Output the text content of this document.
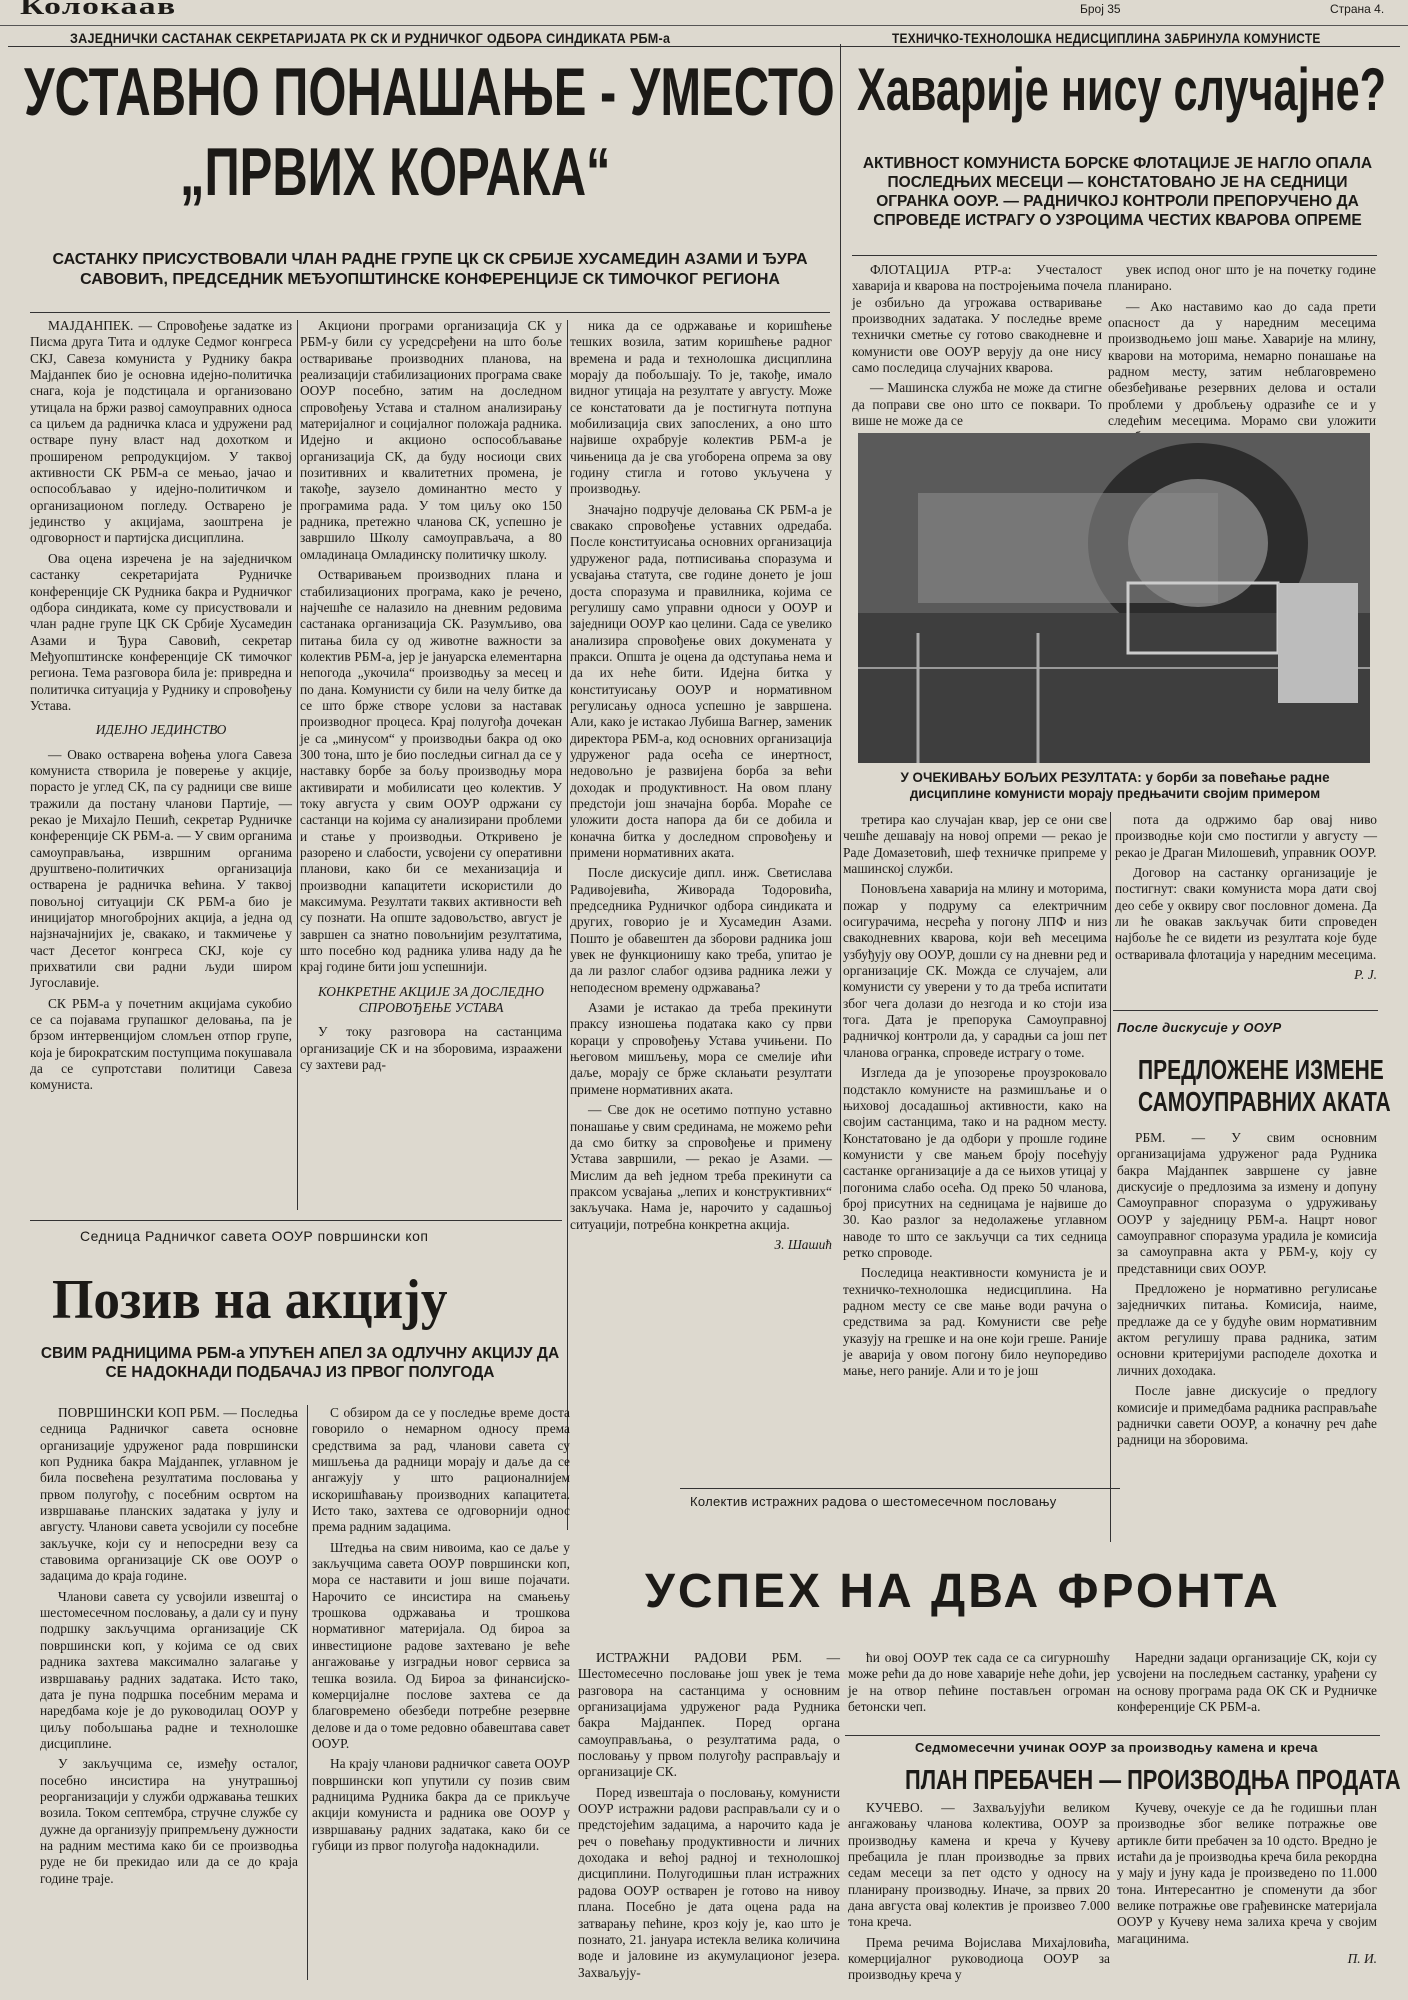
Колокаав	Број 35	Страна 4.
ЗАЈЕДНИЧКИ САСТАНАК СЕКРЕТАРИЈАТА РК СК И РУДНИЧКОГ ОДБОРА СИНДИКАТА РБМ-а	ТЕХНИЧКО-ТЕХНОЛОШКА НЕДИСЦИПЛИНА ЗАБРИНУЛА КОМУНИСТЕ
УСТАВНО ПОНАШАЊЕ - УМЕСТО
„ПРВИХ КОРАКА“
САСТАНКУ ПРИСУСТВОВАЛИ ЧЛАН РАДНЕ ГРУПЕ ЦК СК СРБИЈЕ ХУСАМЕДИН АЗАМИ И ЂУРА САВОВИЋ, ПРЕДСЕДНИК МЕЂУОПШТИНСКЕ КОНФЕРЕНЦИЈЕ СК ТИМОЧКОГ РЕГИОНА

МАЈДАНПЕК. — Спровођење задатке из Писма друга Тита и одлуке Седмог конгреса СКЈ, Савеза комуниста у Руднику бакра Мајданпек био је основна идејно-политичка снага, која је подстицала и организовано утицала на бржи развој самоуправних односа са циљем да радничка класа и удружени рад остваре пуну власт над дохотком и проширеном репродукцијом. У таквој активности СК РБМ-а се мењао, јачао и оспособљавао у идејно-политичком и организационом погледу. Остварено је јединство у акцијама, заоштрена је одговорност и партијска дисциплина.

Ова оцена изречена је на заједничком састанку секретаријата Рудничке конференције СК Рудника бакра и Рудничког одбора синдиката, коме су присуствовали и члан радне групе ЦК СК Србије Хусамедин Азами и Ђура Савовић, секретар Међуопштинске конференције СК тимочког региона. Тема разговора била је: привредна и политичка ситуација у Руднику и спровођењу Устава.

ИДЕЈНО ЈЕДИНСТВО

— Овако остварена вођења улога Савеза комуниста створила је поверење у акције, порасто је углед СК, па су радници све више тражили да постану чланови Партије, — рекао је Михајло Пешић, секретар Рудничке конференције СК РБМ-а. — У свим органима самоуправљања, извршним органима друштвено-политичких организација остварена је радничка већина. У таквој повољној ситуацији СК РБМ-а био је иницијатор многобројних акција, а једна од најзначајнијих је, свакако, и такмичење у част Десетог конгреса СКЈ, које су прихватили сви радни људи широм Југославије.

СК РБМ-а у почетним акцијама сукобио се са појавама групашког деловања, па је брзом интервенцијом сломљен отпор групе, која је бирократским поступцима покушавала да се супротстави политици Савеза комуниста.

Акциони програми организација СК у РБМ-у били су усредсређени на што боље остваривање производних планова, на реализацији стабилизационих програма сваке ООУР посебно, затим на доследном спровођењу Устава и сталном анализирању материјалног и социјалног положаја радника. Идејно и акционо оспособљавање организација СК, да буду носиоци свих позитивних и квалитетних промена, је такође, заузело доминантно место у програмима рада. У том циљу око 150 радника, претежно чланова СК, успешно је завршило Школу самоуправљача, а 80 омладинаца Омладинску политичку школу.

Остваривањем производних плана и стабилизационих програма, како је речено, најчешће се налазило на дневним редовима састанака организација СК. Разумљиво, ова питања била су од животне важности за колектив РБМ-а, јер је јануарска елементарна непогода „укочила“ производњу за месец и по дана. Комунисти су били на челу битке да се што брже створе услови за наставак производног процеса. Крај полугођа дочекан је са „минусом“ у производњи бакра од око 300 тона, што је био последњи сигнал да се у наставку борбе за бољу производњу мора активирати и мобилисати цео колектив. У току августа у свим ООУР одржани су састанци на којима су анализирани проблеми и стање у производњи. Откривено је разорено и слабости, усвојени су оперативни планови, како би се механизација и производни капацитети искористили до максимума. Резултати таквих активности већ су познати. На опште задовољство, август је завршен са знатно повољнијим резултатима, што посебно код радника улива наду да ће крај године бити још успешнији.

КОНКРЕТНЕ АКЦИЈЕ ЗА ДОСЛЕДНО СПРОВОЂЕЊЕ УСТАВА

У току разговора на састанцима организације СК и на зборовима, израажени су захтеви рад-

ника да се одржавање и коришћење тешких возила, затим коришћење радног времена и рада и технолошка дисциплина морају да побољшају. То је, такође, имало видног утицаја на резултате у августу. Може се констатовати да је постигнута потпуна мобилизација свих запослених, а оно што највише охрабрује колектив РБМ-а је чињеница да је сва угоборена опрема за ову годину стигла и готово укључена у производњу.

Значајно подручје деловања СК РБМ-а је свакако спровођење уставних одредаба. После конституисања основних организација удруженог рада, потписивања споразума и усвајања статута, све године донето је још доста споразума и правилника, којима се регулишу само управни односи у ООУР и заједници ООУР као целини. Сада се увелико анализира спровођење ових докумената у пракси. Општа је оцена да одступања нема и да их неће бити. Идејна битка у конституисању ООУР и нормативном регулисању односа успешно је завршена. Али, како је истакао Лубиша Вагнер, заменик директора РБМ-а, код основних организација удруженог рада осећа се инертност, недовољно је развијена борба за већи доходак и продуктивност. На овом плану предстоји још значајна борба. Мораће се уложити доста напора да би се добила и коначна битка у доследном спровођењу и примени нормативних аката.

После дискусије дипл. инж. Светислава Радивојевића, Живорада Тодоровића, председника Рудничког одбора синдиката и других, говорио је и Хусамедин Азами. Пошто је обавештен да зборови радника још увек не функционишу како треба, упитао је да ли разлог слабог одзива радника лежи у неподесном времену одржавања?

Азами је истакао да треба прекинути праксу изношења података како су први кораци у спровођењу Устава учињени. По његовом мишљењу, мора се смелије ићи даље, морају се брже склањати резултати примене нормативних аката.

— Све док не осетимо потпуно уставно понашање у свим срединама, не можемо рећи да смо битку за спровођење и примену Устава завршили, — рекао је Азами. — Мислим да већ једном треба прекинути са праксом усвајања „лепих и конструктивних“ закључака. Нама је, нарочито у садашњој ситуацији, потребна конкретна акција.

З. Шашић

Хаварије нису случајне?
АКТИВНОСТ КОМУНИСТА БОРСКЕ ФЛОТАЦИЈЕ ЈЕ НАГЛО ОПАЛА ПОСЛЕДЊИХ МЕСЕЦИ — КОНСТАТОВАНО ЈЕ НА СЕДНИЦИ ОГРАНКА ООУР. — РАДНИЧКОЈ КОНТРОЛИ ПРЕПОРУЧЕНО ДА СПРОВЕДЕ ИСТРАГУ О УЗРОЦИМА ЧЕСТИХ КВАРОВА ОПРЕМЕ

ФЛОТАЦИЈА РТР-а: Учесталост хаварија и кварова на постројењима почела је озбиљно да угрожава остваривање производних задатака. У последње време технички сметње су готово свакодневне и комунисти ове ООУР верују да оне нису само последица случајних кварова.

— Машинска служба не може да стигне да поправи све оно што се поквари. То више не може да се

увек испод оног што је на почетку године планирано.

— Ако наставимо као до сада прети опасност да у наредним месецима производњемо још мање. Хаварије на млину, кварови на моторима, немарно понашање на радном месту, затим неблаговремено обезбеђивање резервних делова и остали проблеми у дробљењу одразиће се и у следећим месецима. Морамо сви уложити

У ОЧЕКИВАЊУ БОЉИХ РЕЗУЛТАТА: у борби за повећање радне дисциплине комунисти морају предњачити својим примером

третира као случајан квар, јер се они све чешће дешавају на новој опреми — рекао је Раде Домазетовић, шеф техничке припреме у машинској служби.

Поновљена хаварија на млину и моторима, пожар у подруму са електричним осигурачима, несрећа у погону ЛПФ и низ свакодневних кварова, који већ месецима узбуђују ову ООУР, дошли су на дневни ред и организације СК. Можда се случајем, али комунисти су уверени у то да треба испитати због чега долази до незгода и ко стоји иза тога. Дата је препорука Самоуправној радничкој контроли да, у сарадњи са још пет чланова огранка, спроведе истрагу о томе.

Изгледа да је упозорење проузроковало подстакло комунисте на размишљање и о њиховој досадашњој активности, како на својим састанцима, тако и на радном месту. Констатовано је да одбори у прошле године комунисти у све мањем броју посећују састанке организације а да се њихов утицај у погонима слабо осећа. Од преко 50 чланова, број присутних на седницама је највише до 30. Као разлог за недолажење углавном наводе то што се закључци са тих седница ретко спроводе.

Последица неактивности комуниста је и техничко-технолошка недисциплина. На радном месту се све мање води рачуна о средствима за рад. Комунисти све ређе указују на грешке и на оне који греше. Раније је аваријa у овом погону било неупоредиво мање, него раније. Али и то је још

пота да одржимо бар овај ниво производње који смо постигли у августу — рекао је Драган Милошевић, управник ООУР.

Договор на састанку организације је постигнут: сваки комуниста мора дати свој део себе у оквиру свог пословног домена. Да ли ће овакав закључак бити спроведен најбоље ће се видети из резултата које буде остваривала флотација у наредним месецима.

Р. Ј.

После дискусије у ООУР
ПРЕДЛОЖЕНЕ ИЗМЕНЕ
САМОУПРАВНИХ АКАТА

РБМ. — У свим основним организацијама удруженог рада Рудника бакра Мајданпек завршене су јавне дискусије о предлозима за измену и допуну Самоуправног споразума о удруживању ООУР у заједницу РБМ-а. Нацрт новог самоуправног споразума урадила је комисија за самоуправна акта у РБМ-у, коју су представници свих ООУР.

Предложено је нормативно регулисање заједничких питања. Комисија, наиме, предлаже да се у будуће овим нормативним актом регулишу права радника, затим основни критеријуми расподеле дохотка и личних доходака.

После јавне дискусије о предлогу комисије и примедбама радника расправљаће раднички савети ООУР, а коначну реч даће радници на зборовима.

Седница Радничког савета ООУР површински коп
Позив на акцију
СВИМ РАДНИЦИМА РБМ-а УПУЋЕН АПЕЛ ЗА ОДЛУЧНУ АКЦИЈУ ДА СЕ НАДОКНАДИ ПОДБАЧАЈ ИЗ ПРВОГ ПОЛУГОДА

ПОВРШИНСКИ КОП РБМ. — Последња седница Радничког савета основне организације удруженог рада површински коп Рудника бакра Мајданпек, углавном је била посвећена резултатима пословања у првом полугођу, с посебним освртом на извршавање планских задатака у јулу и августу. Чланови савета усвојили су посебне закључке, који су и непосредни везу са ставовима организације СК ове ООУР о задацима до краја године.

Чланови савета су усвојили извештај о шестомесечном пословању, а дали су и пуну подршку закључцима организације СК површински коп, у којима се од свих радника захтева максимално залагање у извршавању радних задатака. Исто тако, дата је пуна подршка посебним мерама и наредбама које је до руководилац ООУР у циљу побољшања радне и технолошке дисциплине.

У закључцима се, између осталог, посебно инсистира на унутрашњој реорганизацији у служби одржавања тешких возила. Током септембра, стручне службе су дужне да организују припремљену дужности на радним местима како би се производња руде не би прекидао или да се до краја године траје.

С обзиром да се у последње време доста говорило о немарном односу према средствима за рад, чланови савета су мишљења да радници морају и даље да се ангажују у што рационалнијем искоришћавању производних капацитета. Исто тако, захтева се одговорнији однос према радним задацима.

Штедња на свим нивоима, као се даље у закључцима савета ООУР површински коп, мора се наставити и још више појачати. Нарочито се инсистира на смањењу трошкова одржавања и трошкова нормативног материјала. Од бироа за инвестиционе радове захтевано је веће ангажовање у изградњи новог сервиса за тешка возила. Од Бироа за финансијско-комерцијалне послове захтева се да благовремено обезбеди потребне резервне делове и да о томе редовно обавештава савет ООУР.

На крају чланови радничког савета ООУР површински коп упутили су позив свим радницима Рудника бакра да се прикључе акцији комуниста и радника ове ООУР у извршавању радних задатака, како би се губици из првог полугођа надокнадили.

Колектив истражних радова о шестомесечном пословању
УСПЕХ НА ДВА ФРОНТА

ИСТРАЖНИ РАДОВИ РБМ. — Шестомесечно пословање још увек је тема разговора на састанцима у основним организацијама удруженог рада Рудника бакра Мајданпек. Поред органа самоуправљања, о резултатима рада, о пословању у првом полугођу расправљају и организације СК.

Поред извештаја о пословању, комунисти ООУР истражни радови расправљали су и о предстојећим задацима, а нарочито када је реч о повећању продуктивности и личних доходака и већој радној и технолошкој дисциплини. Полугодишњи план истражних радова ООУР остварен је готово на нивоу плана. Посебно је дата оцена рада на затварању пећине, кроз коју је, као што је познато, 21. јануара истекла велика количина воде и јаловине из акумулационог језера. Захваљују-

ћи овој ООУР тек сада се са сигурношћу може рећи да до нове хаварије неће доћи, јер је на отвор пећине постављен огроман бетонски чеп.

Наредни задаци организације СК, који су усвојени на последњем састанку, урађени су на основу програма рада ОК СК и Рудничке конференције СК РБМ-а.

Седмомесечни учинак ООУР за производњу камена и креча
ПЛАН ПРЕБАЧЕН — ПРОИЗВОДЊА ПРОДАТА

КУЧЕВО. — Захваљујући великом ангажовању чланова колектива, ООУР за производњу камена и креча у Кучеву пребацила је план производње за првих седам месеци за пет одсто у односу на планирану производњу. Иначе, за првих 20 дана августа овај колектив је произвео 7.000 тона креча.

Према речима Војислава Михајловића, комерцијалног руководиоца ООУР за производњу креча у

Кучеву, очекује се да ће годишњи план производње због велике потражње ове артикле бити пребачен за 10 одсто. Вредно је истаћи да је производња креча била рекордна у мају и јуну када је произведено по 11.000 тона. Интересантно је споменути да због велике потражње ове грађевинске материјала ООУР у Кучеву нема залиха креча у својим магацинима.

П. И.
